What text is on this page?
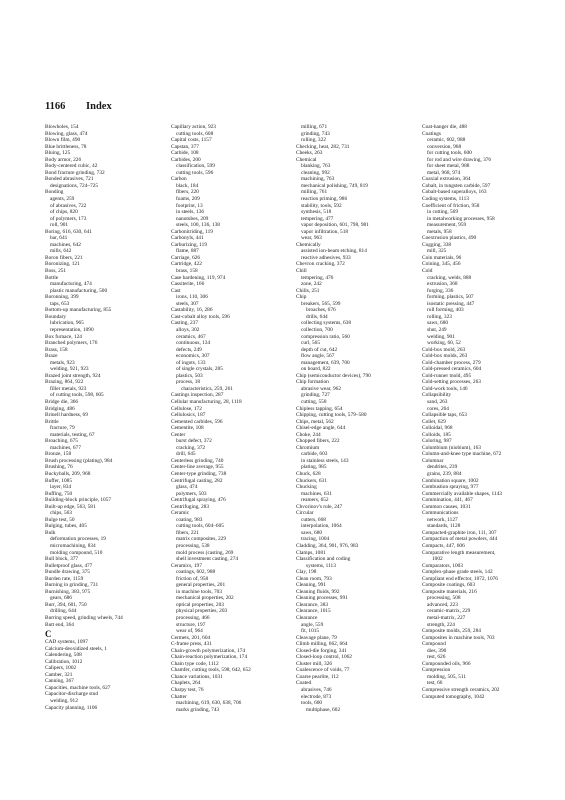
1166 Index
Blowholes, 154
Blowing, glass, 474
Blown film, 490
Blue brittleness, 78
Bluing, 125
Body armor, 226
Body-centered cubic, 42
Bond fracture grinding, 732
Bonded abrasives, 721
designations, 724–725
Bonding
agents, 259
of abrasives, 722
of chips, 820
of polymers, 173
roll, 901
Boring, 616, 630, 641
bar, 641
machines, 642
mills, 642
Boron fibers, 221
Boronizing, 121
Boss, 251
Bottle
manufacturing, 474
plastic manufacturing, 500
Boronning, 399
taps, 653
Bottom-up manufacturing, 855
Boundary
lubrication, 965
representation, 1090
Box furnace, 124
Branched polymers, 176
Brass, 158
Braze
metals, 923
welding, 921, 923
Brazed joint strength, 924
Brazing, 864, 922
filler metals, 923
of cutting tools, 598, 605
Bridge die, 366
Bridging, 486
Brinell hardness, 69
Brittle
fracture, 79
materials, testing, 67
Broaching, 675
machines, 677
Bronze, 158
Brush processing (plating), 984
Brushing, 76
Buckyballs, 209, 968
Buffer, 1085
layer, 834
Buffing, 750
Building-block principle, 1057
Built-up edge, 563, 581
chips, 563
Bulge test, 50
Bulging, tubes, 405
Bulk
deformation processes, 19
micromachining, 834
molding compound, 510
Bull block, 377
Bulletproof glass, 477
Bundle drawing, 375
Burden rate, 1159
Burning in grinding, 731
Burnishing, 383, 975
gears, 686
Burr, 394, 601, 750
drilling, 644
Burring speed, grinding wheels, 744
Butt end, 364
C
CAD systems, 1097
Calcium-deoxidized steels, 1
Calendering, 508
Calibration, 1012
Calipers, 1002
Camber, 321
Canning, 367
Capacities, machine tools, 627
Capacitor-discharge stud
welding, 912
Capacity planning, 1106
Capillary action, 923
cutting tools, 608
Capital costs, 1157
Capstan, 377
Carbide, 108
Carbides, 200
classification, 599
cutting tools, 596
Carbon
black, 184
fibers, 220
foams, 209
footprint, 13
in steels, 136
nanotubes, 209
steels, 100, 136, 138
Carbonitriding, 119
Carbonyls, 441
Carburizing, 119
flame, 887
Carriage, 626
Cartridge, 422
brass, 158
Case hardening, 119, 974
Cassiterite, 166
Cast
irons, 110, 306
steels, 307
Castability, 16, 286
Cast-cobalt alloy tools, 596
Casting, 237
alloys, 302
ceramics, 467
continuous, 134
defects, 249
economics, 307
of ingots, 133
of single crystals, 285
plastics, 503
process, 18
characteristics, 259, 261
Castings inspection, 287
Cellular manufacturing, 28, 1118
Cellulose, 172
Cellulosics, 187
Cemented carbides, 596
Cementite, 108
Center
burst defect, 372
cracking, 372
drill, 645
Centerless grinding, 740
Center-line average, 955
Center-type grinding, 738
Centrifugal casting, 282
glass, 474
polymers, 503
Centrifugal spraying, 476
Centrifuging, 283
Ceramic
coating, 983
cutting tools, 604–605
fibers, 221
matrix composites, 229
processing, 538
mold process (casting, 269
shell investment casting, 274
Ceramics, 197
coatings, 602, 988
friction of, 958
general properties, 201
in machine tools, 703
mechanical properties, 202
optical properties, 203
physical properties, 203
processing, 466
structure, 197
wear of, 964
Cermets, 201, 604
C-frame press, 431
Chain-growth polymerization, 174
Chain-reaction polymerization, 174
Chain type code, 1112
Chamfer, cutting tools, 598, 642, 652
Chance variations, 1031
Chaplets, 264
Charpy test, 76
Chatter
machining, 619, 630, 638, 706
marks grinding, 743
milling, 671
grinding, 743
rolling, 322
Checking, heat, 282, 731
Cheeks, 263
Chemical
blanking, 763
cleaning, 992
machining, 763
mechanical polishing, 749, 819
milling, 761
reaction priming, 986
stability, tools, 592
synthesis, 518
tempering, 477
vapor deposition, 601, 798, 981
vapor infiltration, 518
wear, 963
Chemically
assisted ion-beam etching, 814
reactive adhesives, 933
Chevron cracking, 372
Chill
tempering, 476
zone, 242
Chills, 251
Chip
breakers, 565, 599
broaches, 676
drills, 644
collecting systems, 638
collection, 700
compression ratio, 560
curl, 565
depth of cut, 642
flow angle, 567
management, 639, 700
on board, 822
Chip (semiconductor devices), 790
Chip formation
abrasive wear, 962
grinding, 727
cutting, 558
Chipless tapping, 654
Chipping, cutting tools, 579–580
Chips, metal, 562
Chisel-edge angle, 644
Choke, 244
Chopped fibers, 222
Chromium
carbide, 603
in stainless steels, 143
plating, 985
Chuck, 628
Chuckers, 631
Chucking
machines, 631
reamers, 652
Chvorinov's rule, 247
Circular
cutters, 668
interpolation, 1064
saws, 680
tracing, 1004
Cladding, 364, 901, 976, 983
Clamps, 1081
Classification and coding
systems, 1113
Clay, 198
Clean room, 793
Cleaning, 991
Cleaning fluids, 992
Cleaning processes, 991
Clearance, 383
Clearance, 1015
Clearance
angle, 559
fit, 1015
Cleavage plane, 79
Climb milling, 662, 664
Closed-die forging, 341
Closed-loop control, 1062
Cluster mill, 326
Coalescence of voids, 77
Coarse pearlite, 112
Coated
abrasives, 746
electrode, 873
tools, 600
multiphase, 602
Coat-hanger die, 488
Coatings
ceramic, 602, 988
conversion, 968
for cutting tools, 600
for rod and wire drawing, 376
for sheet metal, 988
metal, 968, 974
Coaxial extrusion, 364
Cobalt, in tungsten carbide, 597
Cobalt-based superalloys, 163
Coding systems, 1113
Coefficient of friction, 958
in cutting, 569
in metalworking processes, 958
measurement, 959
metals, 958
Coextrusion plastics, 490
Cogging, 338
mill, 325
Coin materials, 96
Coining, 345, 456
Cold
cracking, welds, 888
extrusion, 368
forging, 336
forming, plastics, 507
isostatic pressing, 447
roll forming, 403
rolling, 323
saws, 680
shut, 249
welding, 901
working, 60, 52
Cold-box mold, 263
Cold-box molds, 263
Cold-chamber process, 279
Cold-pressed ceramics, 604
Cold-runner mold, 495
Cold-setting processes, 263
Cold-work tools, 146
Collapsibility
sand, 263
cores, 264
Collapsible taps, 653
Collet, 629
Colloidal, 968
Colloids, 185
Coloring, 987
Columbium (niobium), 163
Column-and-knee type machine, 672
Columnar
dendrites, 239
grains, 239, 884
Combination square, 1002
Combustion spraying, 977
Commercially available shapes, 1143
Commination, 441, 467
Common causes, 1031
Communications
network, 1127
standards, 1128
Compacted-graphite iron, 111, 307
Compaction of metal powders, 444
Compacts, 447, 606
Comparative length measurement,
1002
Comparators, 1003
Complex-phase grade steels, 142
Compliant end effector, 1072, 1076
Composite coatings, 603
Composite materials, 216
processing, 508
advanced, 223
ceramic-matrix, 229
metal-matrix, 227
strength, 224
Composite molds, 259, 284
Composites in machine tools, 703
Compound
dies, 390
rest, 626
Compounded oils, 966
Compression
molding, 505, 511
test, 66
Compressive strength ceramics, 202
Computed tomography, 1042
